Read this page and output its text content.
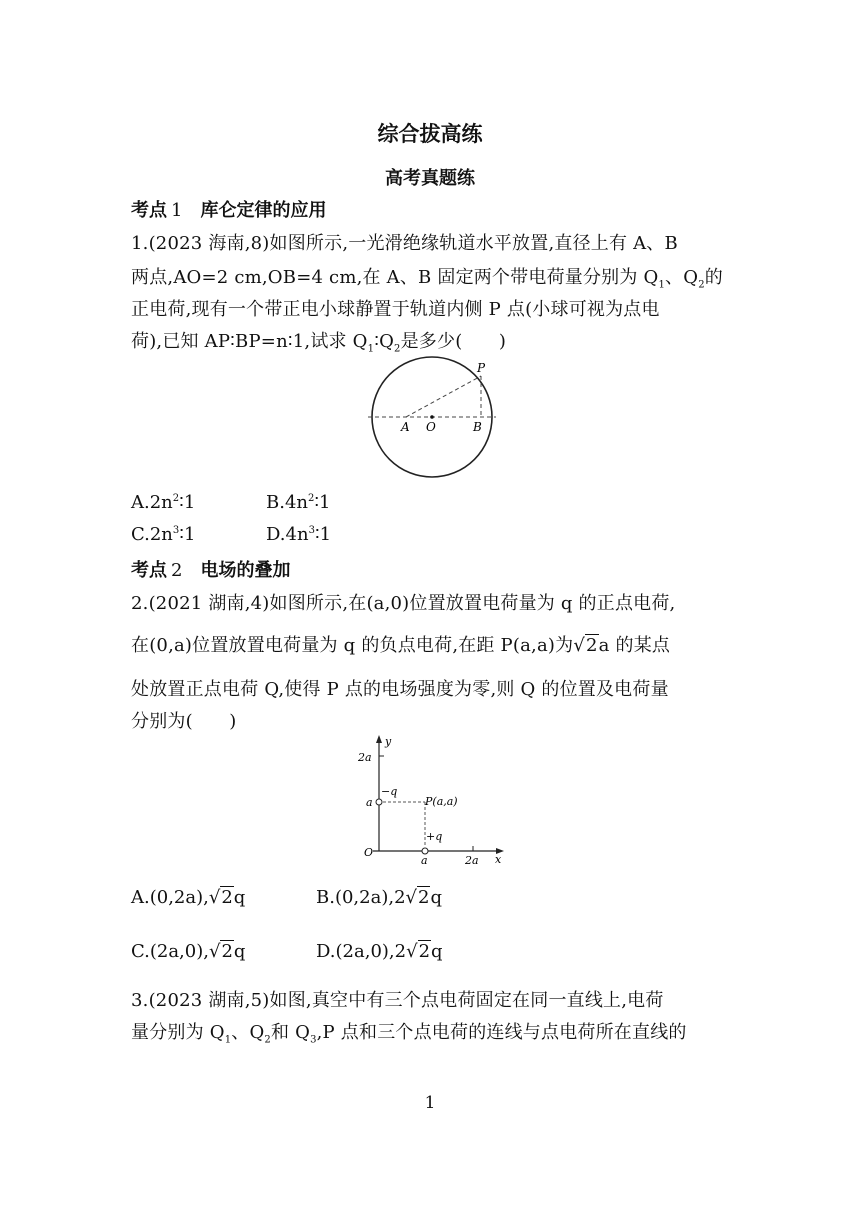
综合拔高练
高考真题练
考点 1 库仑定律的应用
1.(2023 海南,8)如图所示,一光滑绝缘轨道水平放置,直径上有 A、B
两点,AO=2 cm,OB=4 cm,在 A、B 固定两个带电荷量分别为 $Q_1$、$Q_2$的
正电荷,现有一个带正电小球静置于轨道内侧 P 点(小球可视为点电
荷),已知 AP∶BP=n∶1,试求 $Q_1∶Q_2$是多少(　　)
P
A O	B
$A.2n^2∶1$	$B.4n^2∶1$
$C.2n^3∶1$	$D.4n^3∶1$
考点 2 电场的叠加
2.(2021 湖南,4)如图所示,在(a,0)位置放置电荷量为 q 的正点电荷,
在(0,a)位置放置电荷量为 q 的负点电荷,在距 P(a,a)为√2a 的某点
处放置正点电荷 Q,使得 P 点的电场强度为零,则 Q 的位置及电荷量
分别为(　　)
y
x
O
2a
a
−q
P(a,a)
+q
a	2a
A.(0,2a),√2q	B.(0,2a),2√2q
C.(2a,0),√2q	D.(2a,0),2√2q
3.(2023 湖南,5)如图,真空中有三个点电荷固定在同一直线上,电荷
量分别为 $Q_1$、$Q_2$和 $Q_3,P$ 点和三个点电荷的连线与点电荷所在直线的
1
